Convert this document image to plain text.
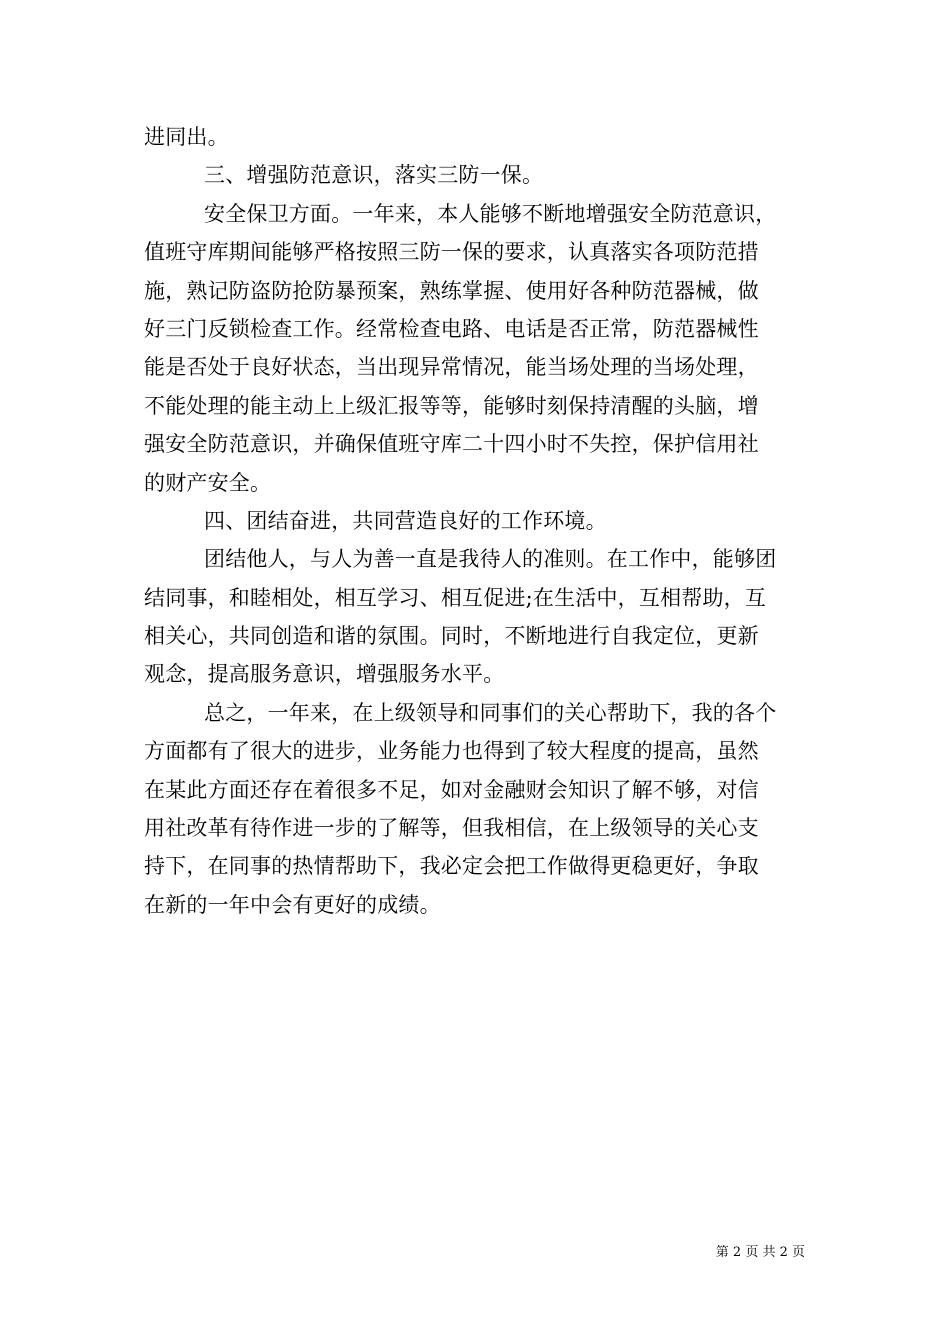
进同出。
三、增强防范意识，落实三防一保。
安全保卫方面。一年来，本人能够不断地增强安全防范意识，
值班守库期间能够严格按照三防一保的要求，认真落实各项防范措
施，熟记防盗防抢防暴预案，熟练掌握、使用好各种防范器械，做
好三门反锁检查工作。经常检查电路、电话是否正常，防范器械性
能是否处于良好状态，当出现异常情况，能当场处理的当场处理，
不能处理的能主动上上级汇报等等，能够时刻保持清醒的头脑，增
强安全防范意识，并确保值班守库二十四小时不失控，保护信用社
的财产安全。
四、团结奋进，共同营造良好的工作环境。
团结他人，与人为善一直是我待人的准则。在工作中，能够团
结同事，和睦相处，相互学习、相互促进;在生活中，互相帮助，互
相关心，共同创造和谐的氛围。同时，不断地进行自我定位，更新
观念，提高服务意识，增强服务水平。
总之，一年来，在上级领导和同事们的关心帮助下，我的各个
方面都有了很大的进步，业务能力也得到了较大程度的提高，虽然
在某此方面还存在着很多不足，如对金融财会知识了解不够，对信
用社改革有待作进一步的了解等，但我相信，在上级领导的关心支
持下，在同事的热情帮助下，我必定会把工作做得更稳更好，争取
在新的一年中会有更好的成绩。
第 2 页 共 2 页
